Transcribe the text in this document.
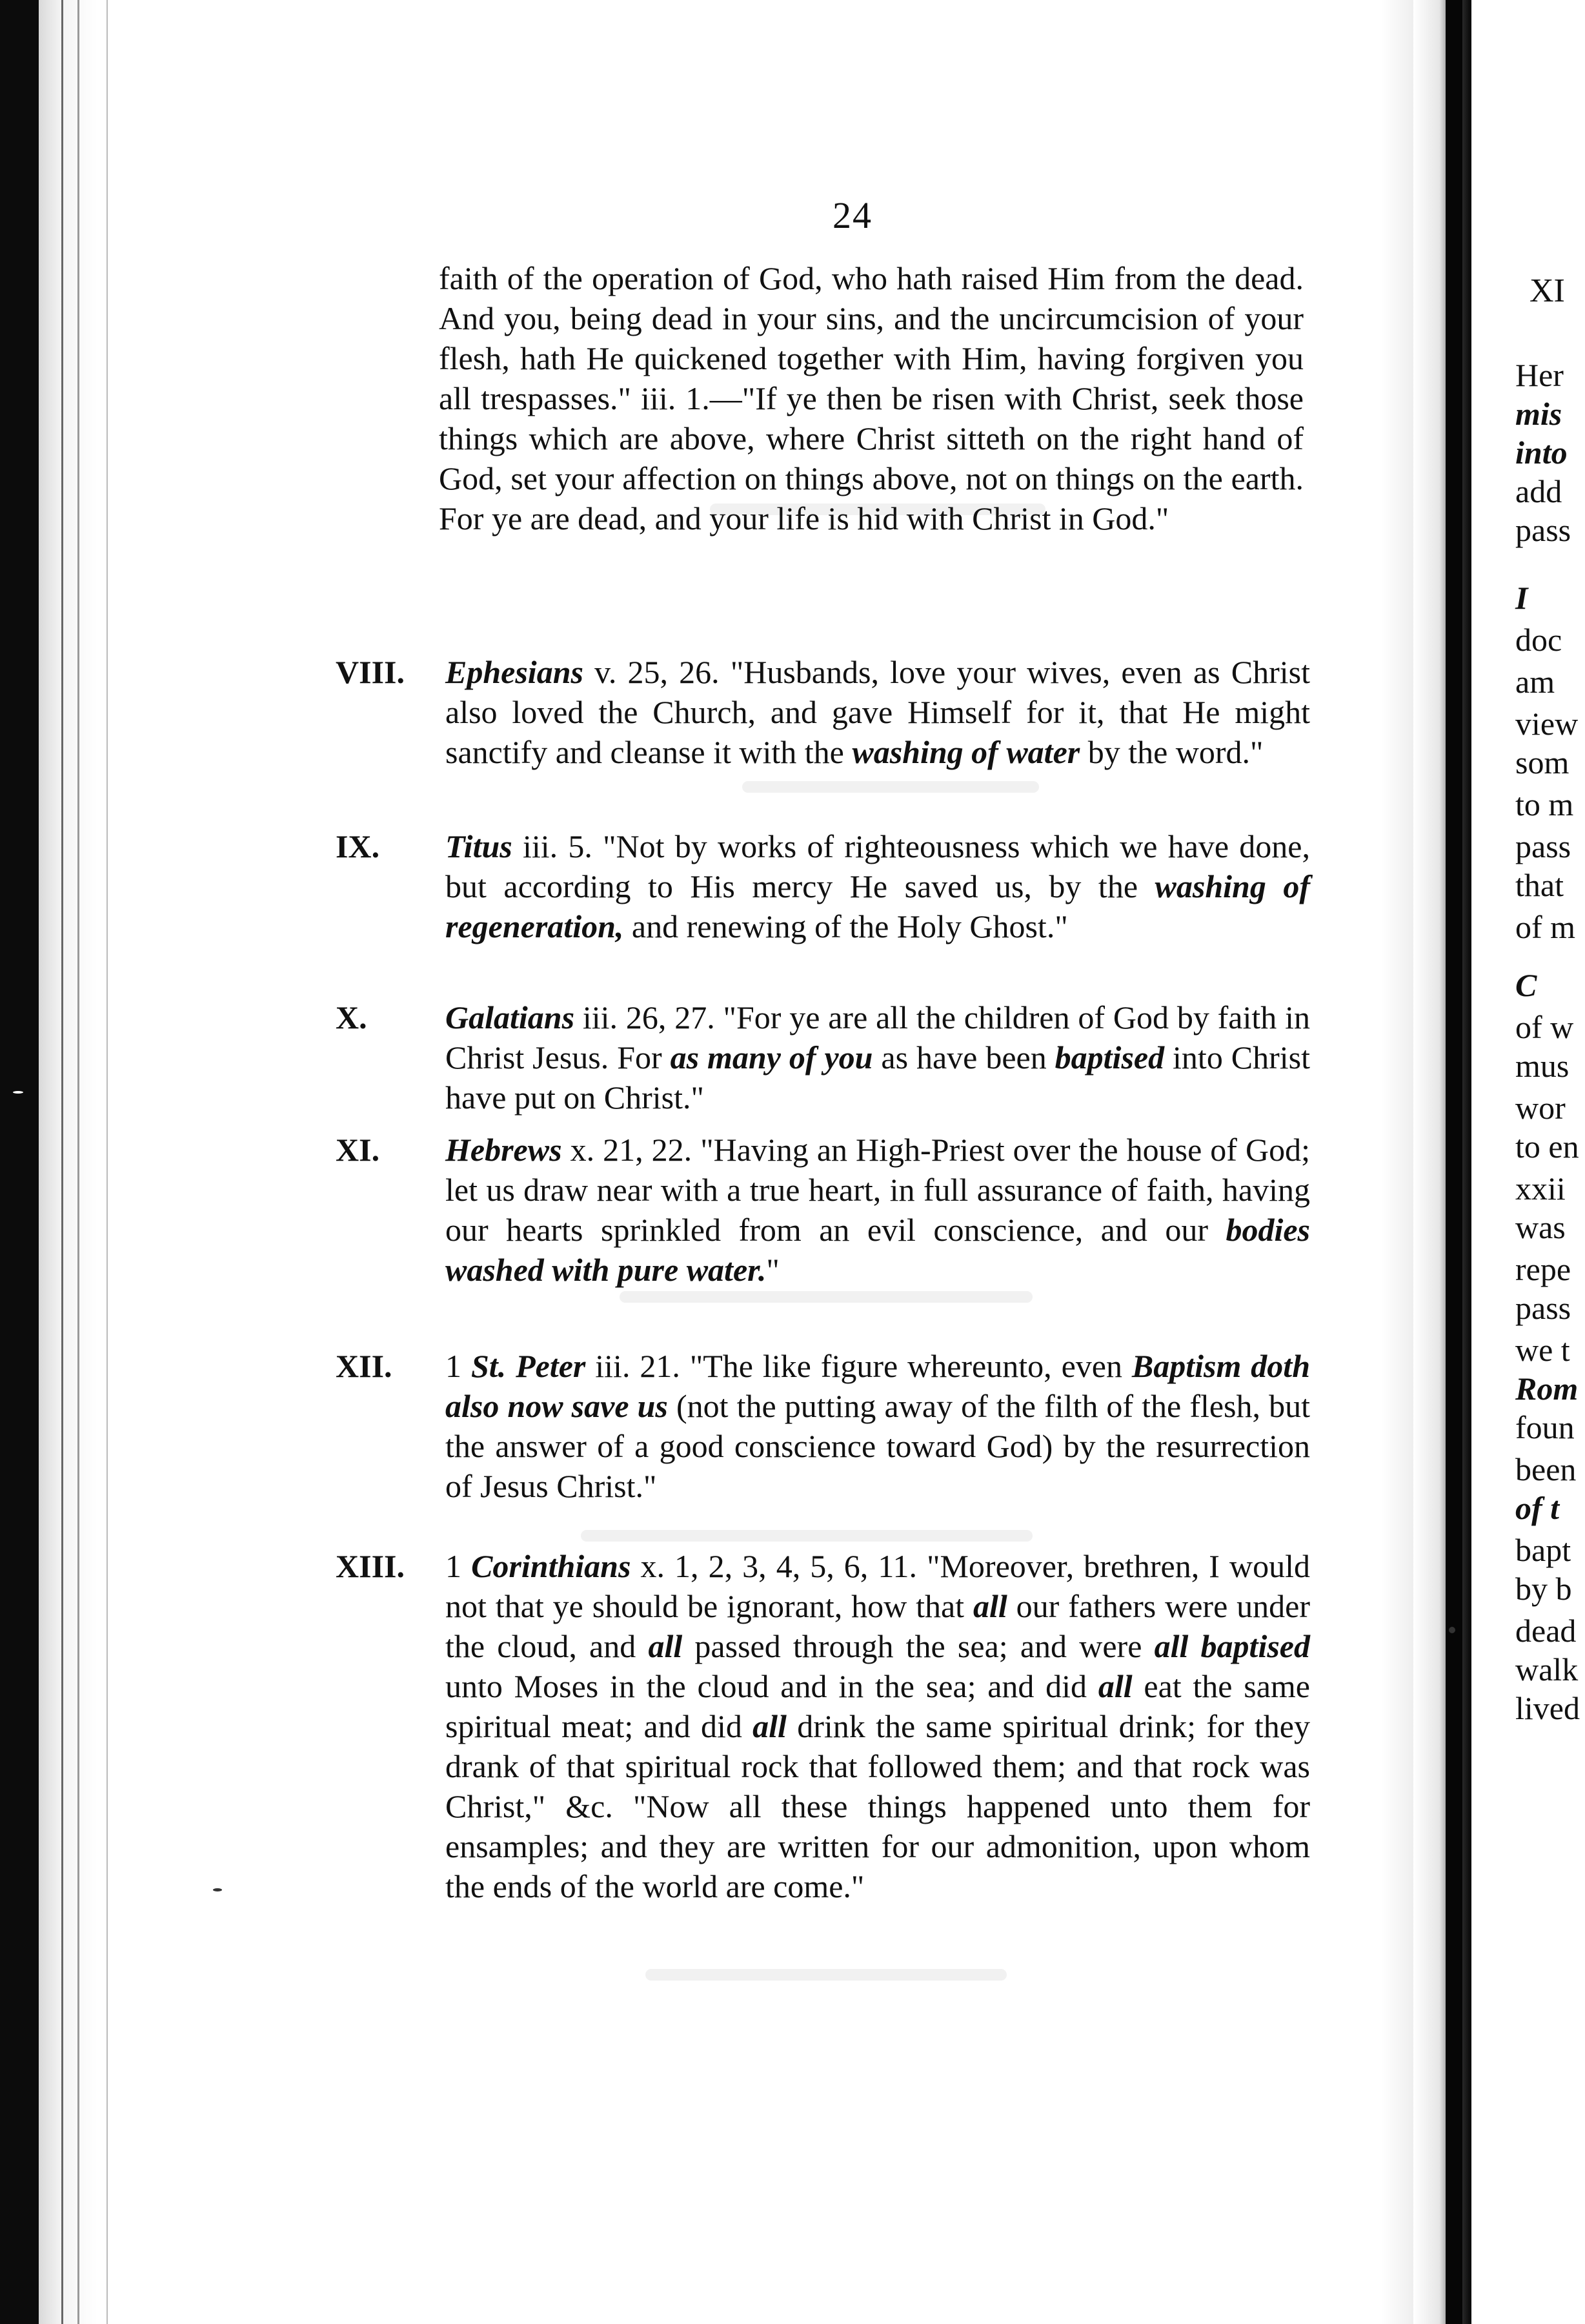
24
faith of the operation of God, who hath raised Him from the dead. And you, being dead in your sins, and the uncircumcision of your flesh, hath He quickened together with Him, having forgiven you all trespasses." iii. 1.—"If ye then be risen with Christ, seek those things which are above, where Christ sitteth on the right hand of God, set your affection on things above, not on things on the earth. For ye are dead, and your life is hid with Christ in God."
VIII.	Ephesians v. 25, 26. "Husbands, love your wives, even as Christ also loved the Church, and gave Himself for it, that He might sanctify and cleanse it with the washing of water by the word."
IX.	Titus iii. 5. "Not by works of righteousness which we have done, but according to His mercy He saved us, by the washing of regeneration, and renewing of the Holy Ghost."
X.	Galatians iii. 26, 27. "For ye are all the children of God by faith in Christ Jesus. For as many of you as have been baptised into Christ have put on Christ."
XI.	Hebrews x. 21, 22. "Having an High-Priest over the house of God; let us draw near with a true heart, in full assurance of faith, having our hearts sprinkled from an evil conscience, and our bodies washed with pure water."
XII.	1 St. Peter iii. 21. "The like figure whereunto, even Baptism doth also now save us (not the putting away of the filth of the flesh, but the answer of a good conscience toward God) by the resurrection of Jesus Christ."
XIII.	1 Corinthians x. 1, 2, 3, 4, 5, 6, 11. "Moreover, brethren, I would not that ye should be ignorant, how that all our fathers were under the cloud, and all passed through the sea; and were all baptised unto Moses in the cloud and in the sea; and did all eat the same spiritual meat; and did all drink the same spiritual drink; for they drank of that spiritual rock that followed them; and that rock was Christ," &c. "Now all these things happened unto them for ensamples; and they are written for our admonition, upon whom the ends of the world are come."
XI
Her
mis
into
add
pass
I
doc
am
view
som
to m
pass
that
of m
C
of w
mus
wor
to en
xxii
was
repe
pass
we t
Rom
foun
been
of t
bapt
by b
dead
walk
lived
